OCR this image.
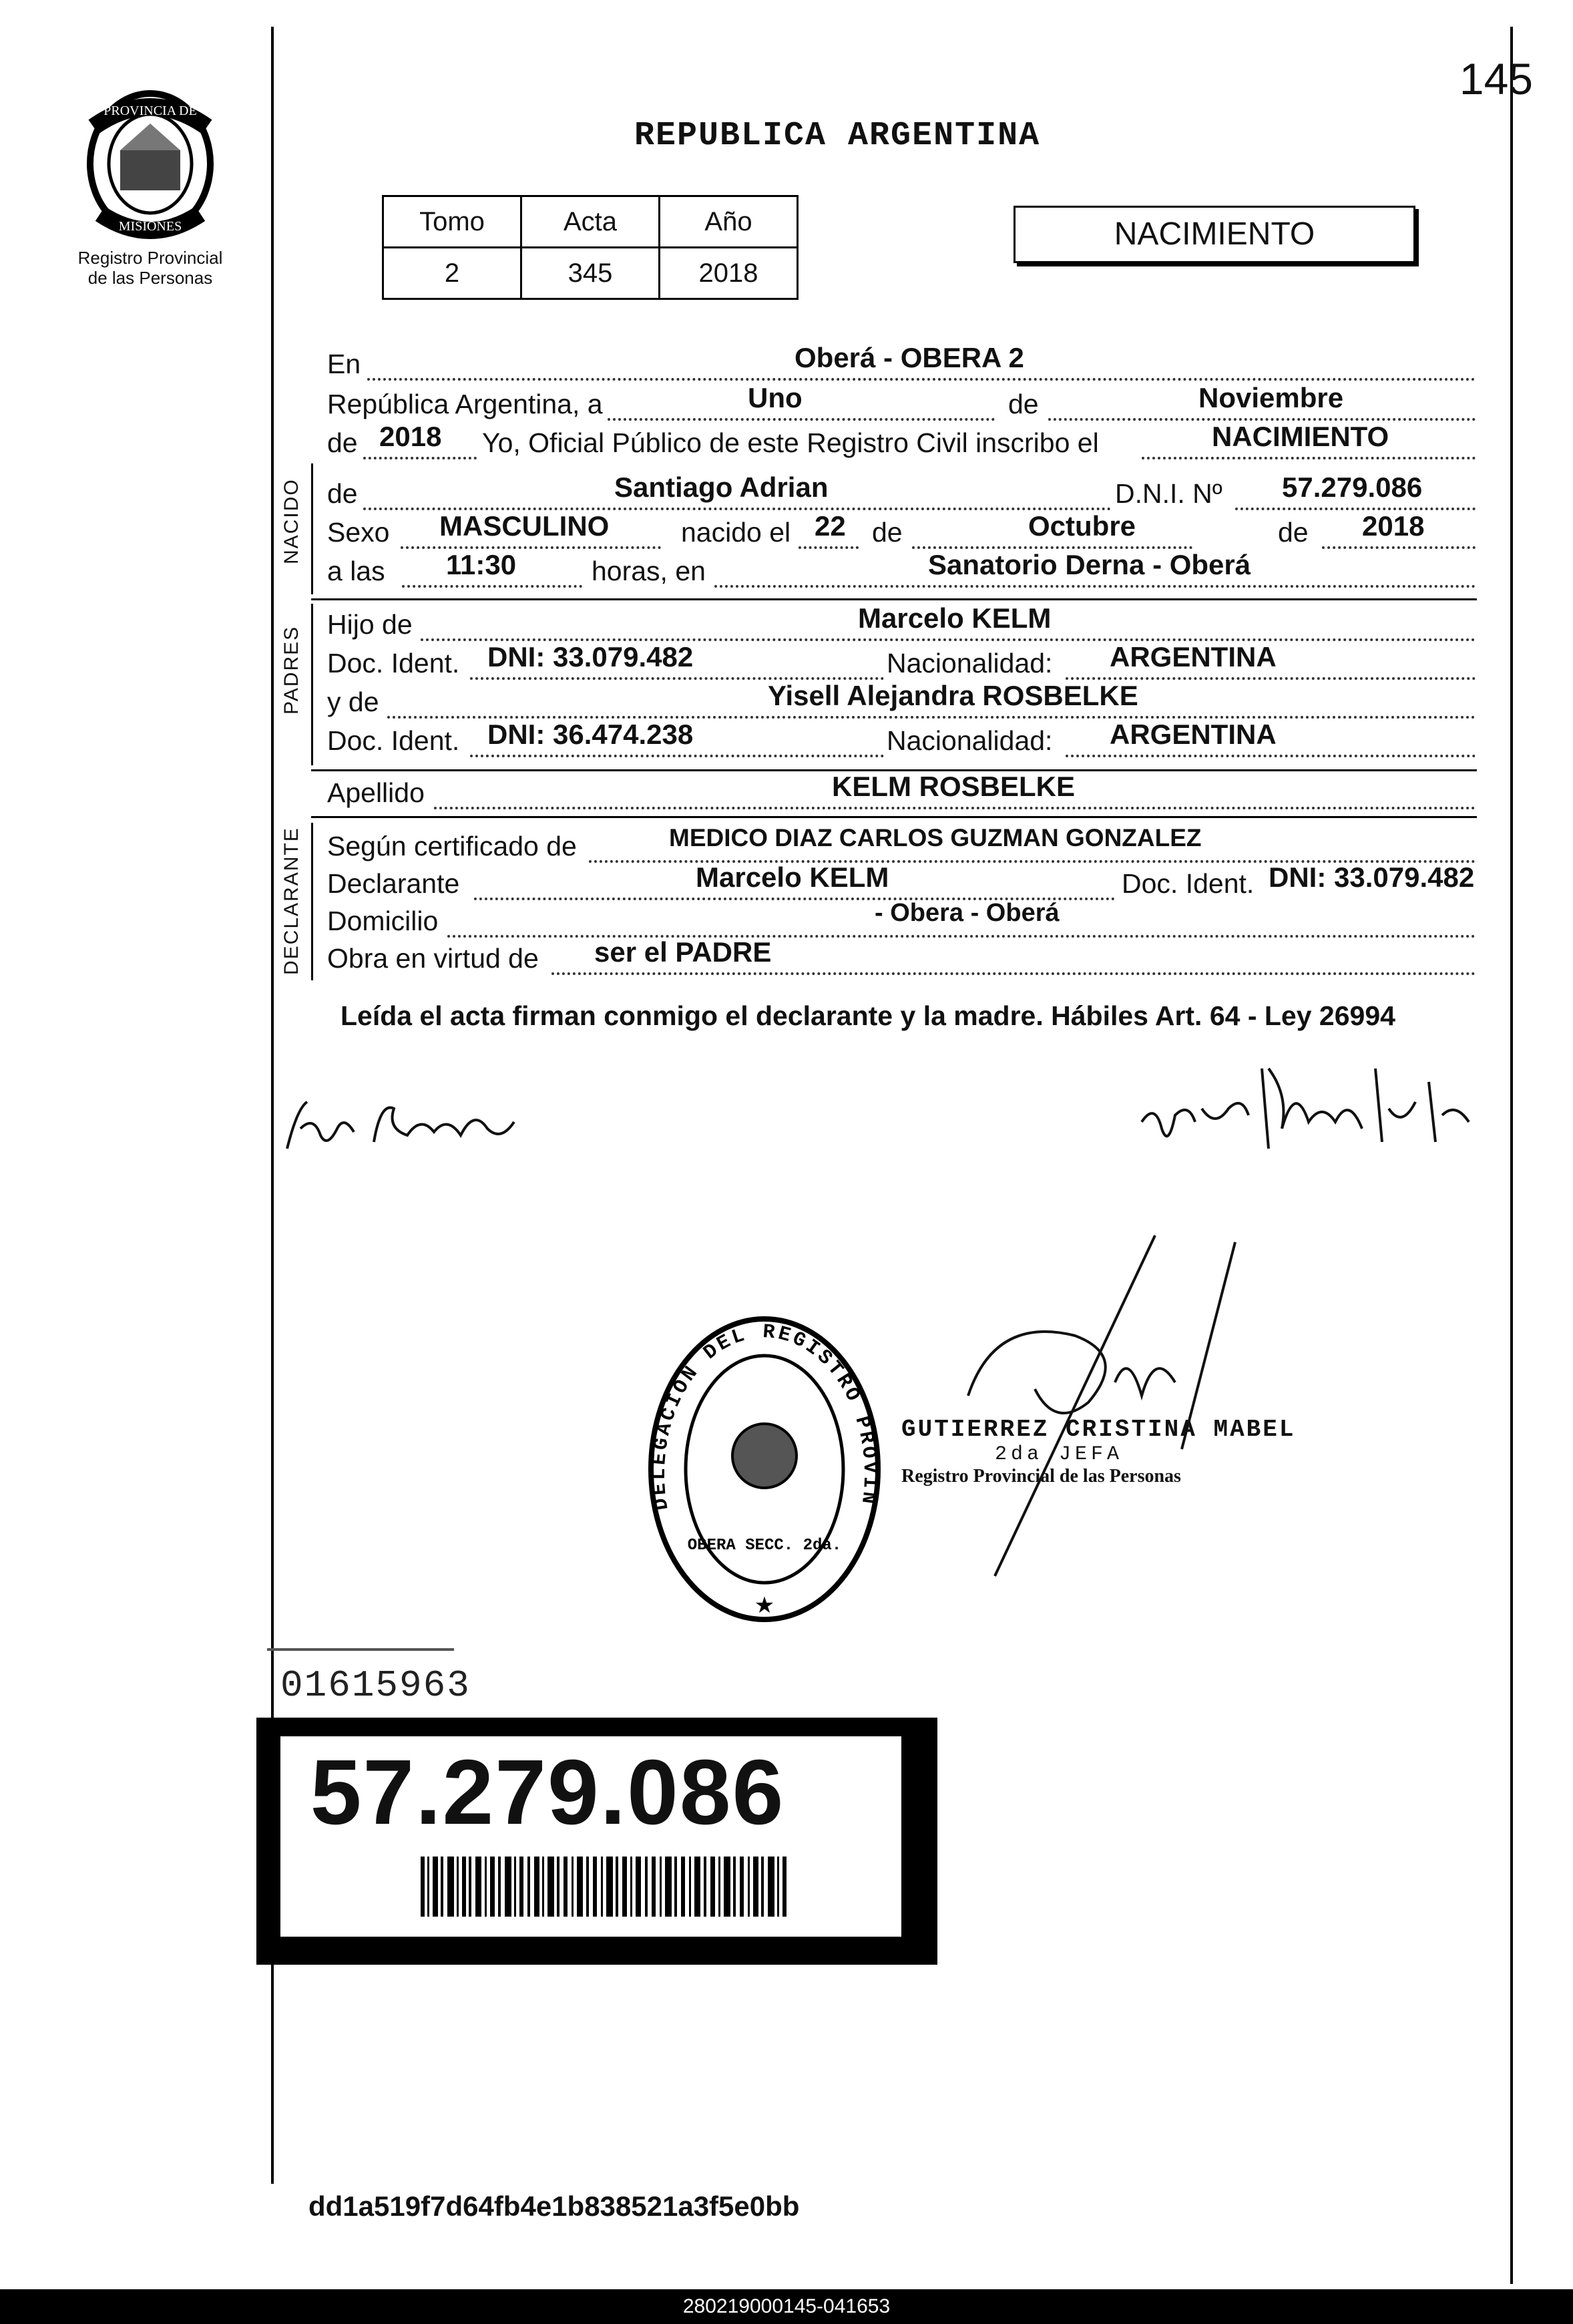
PROVINCIA DE
MISIONES
Registro Provincial
de las Personas
145
REPUBLICA ARGENTINA
Tomo	Acta	Año
2	345	2018
NACIMIENTO
En	Oberá - OBERA 2
República Argentina, a	Uno	de	Noviembre
de 2018 Yo, Oficial Público de este Registro Civil inscribo el	NACIMIENTO
NACIDO de	Santiago Adrian	D.N.I. Nº 57.279.086
Sexo MASCULINO	nacido el 22 de	Octubre	de 2018
a las 11:30	horas, en	Sanatorio Derna - Oberá
PADRES
Hijo de	Marcelo KELM
Doc. Ident. DNI: 33.079.482	Nacionalidad: ARGENTINA
y de	Yisell Alejandra ROSBELKE
Doc. Ident. DNI: 36.474.238	Nacionalidad: ARGENTINA
Apellido	KELM ROSBELKE
DECLARANTE Según certificado de	MEDICO DIAZ CARLOS GUZMAN GONZALEZ
Declarante	Marcelo KELM	Doc. Ident. DNI: 33.079.482
Domicilio	- Obera - Oberá
Obra en virtud de ser el PADRE
Leída el acta firman conmigo el declarante y la madre. Hábiles Art. 64 - Ley 26994
DELEGACION DEL REGISTRO PROVIN
OBERA SECC. 2da.
★
GUTIERREZ CRISTINA MABEL
2da JEFA
Registro Provincial de las Personas
01615963
57.279.086
dd1a519f7d64fb4e1b838521a3f5e0bb
280219000145-041653
